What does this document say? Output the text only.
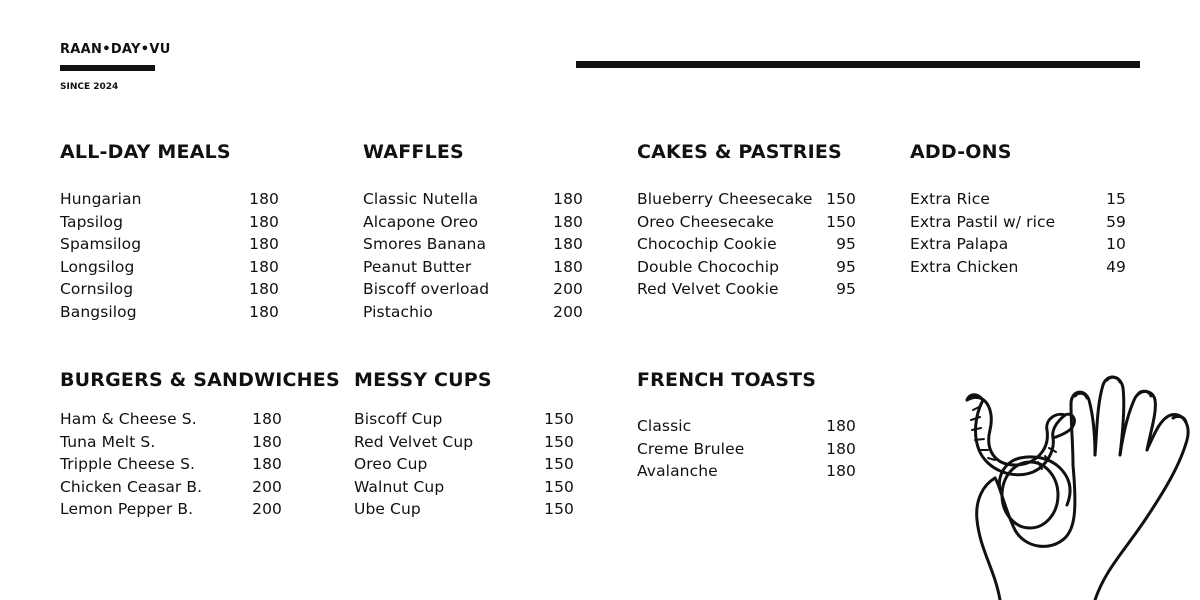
RAAN•DAY•VU
SINCE 2024
ALL-DAY MEALS
Hungarian	180
Tapsilog	180
Spamsilog	180
Longsilog	180
Cornsilog	180
Bangsilog	180
WAFFLES
Classic Nutella	180
Alcapone Oreo	180
Smores Banana	180
Peanut Butter	180
Biscoff overload	200
Pistachio	200
CAKES & PASTRIES
Blueberry Cheesecake 150
Oreo Cheesecake	150
Chocochip Cookie	95
Double Chocochip	95
Red Velvet Cookie	95
ADD-ONS
Extra Rice	15
Extra Pastil w/ rice	59
Extra Palapa	10
Extra Chicken	49
BURGERS & SANDWICHES
Ham & Cheese S.	180
Tuna Melt S.	180
Tripple Cheese S.	180
Chicken Ceasar B.	200
Lemon Pepper B.	200
MESSY CUPS
Biscoff Cup	150
Red Velvet Cup	150
Oreo Cup	150
Walnut Cup	150
Ube Cup	150
FRENCH TOASTS
Classic	180
Creme Brulee	180
Avalanche	180
